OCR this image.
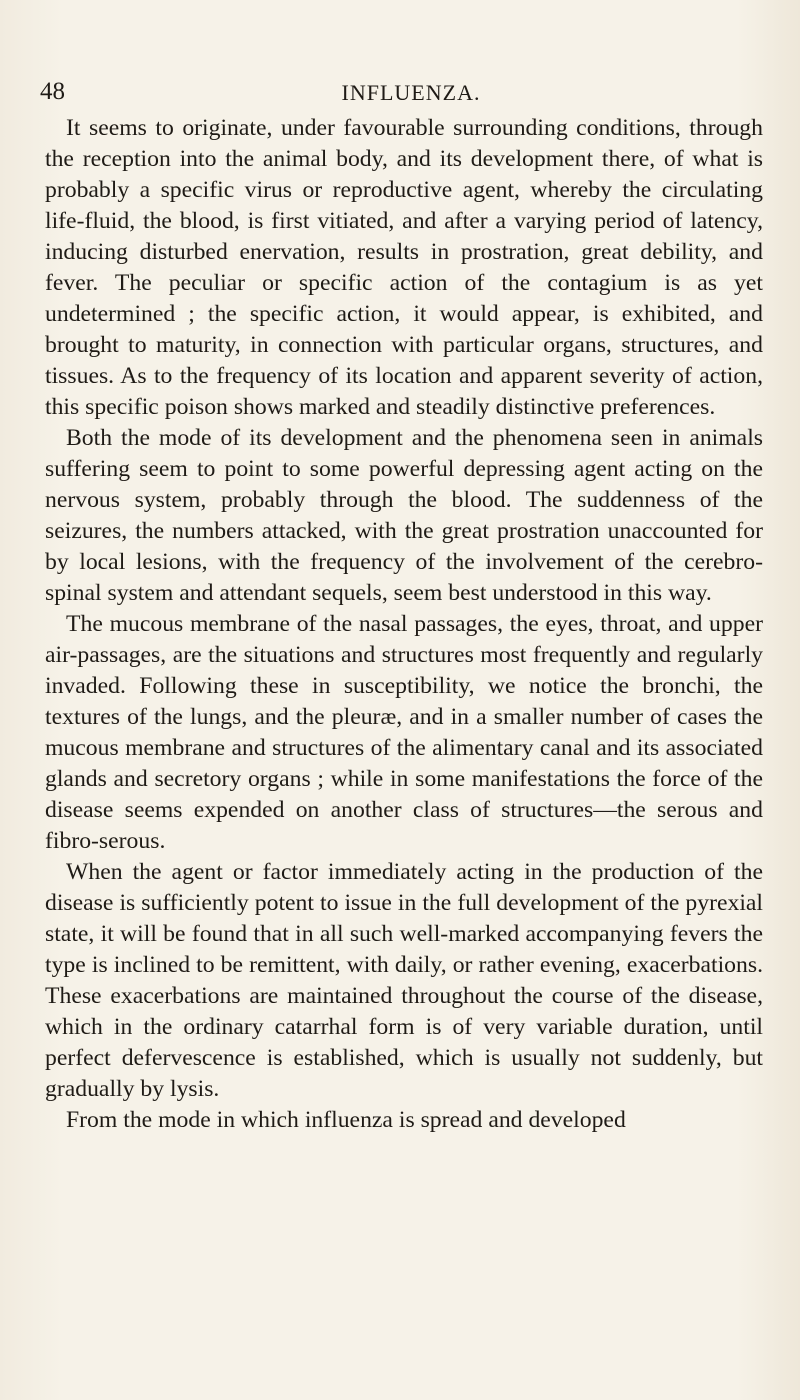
48	INFLUENZA.

It seems to originate, under favourable surrounding conditions, through the reception into the animal body, and its development there, of what is probably a specific virus or reproductive agent, whereby the circulating life-fluid, the blood, is first vitiated, and after a varying period of latency, inducing disturbed enervation, results in prostration, great debility, and fever. The peculiar or specific action of the contagium is as yet undetermined ; the specific action, it would appear, is exhibited, and brought to maturity, in connection with particular organs, structures, and tissues. As to the frequency of its location and apparent severity of action, this specific poison shows marked and steadily distinctive preferences.

Both the mode of its development and the phenomena seen in animals suffering seem to point to some powerful depressing agent acting on the nervous system, probably through the blood. The suddenness of the seizures, the numbers attacked, with the great prostration unaccounted for by local lesions, with the frequency of the involvement of the cerebro-spinal system and attendant sequels, seem best understood in this way.

The mucous membrane of the nasal passages, the eyes, throat, and upper air-passages, are the situations and structures most frequently and regularly invaded. Following these in susceptibility, we notice the bronchi, the textures of the lungs, and the pleuræ, and in a smaller number of cases the mucous membrane and structures of the alimentary canal and its associated glands and secretory organs ; while in some manifestations the force of the disease seems expended on another class of structures—the serous and fibro-serous.

When the agent or factor immediately acting in the production of the disease is sufficiently potent to issue in the full development of the pyrexial state, it will be found that in all such well-marked accompanying fevers the type is inclined to be remittent, with daily, or rather evening, exacerbations. These exacerbations are maintained throughout the course of the disease, which in the ordinary catarrhal form is of very variable duration, until perfect defervescence is established, which is usually not suddenly, but gradually by lysis.

From the mode in which influenza is spread and developed
